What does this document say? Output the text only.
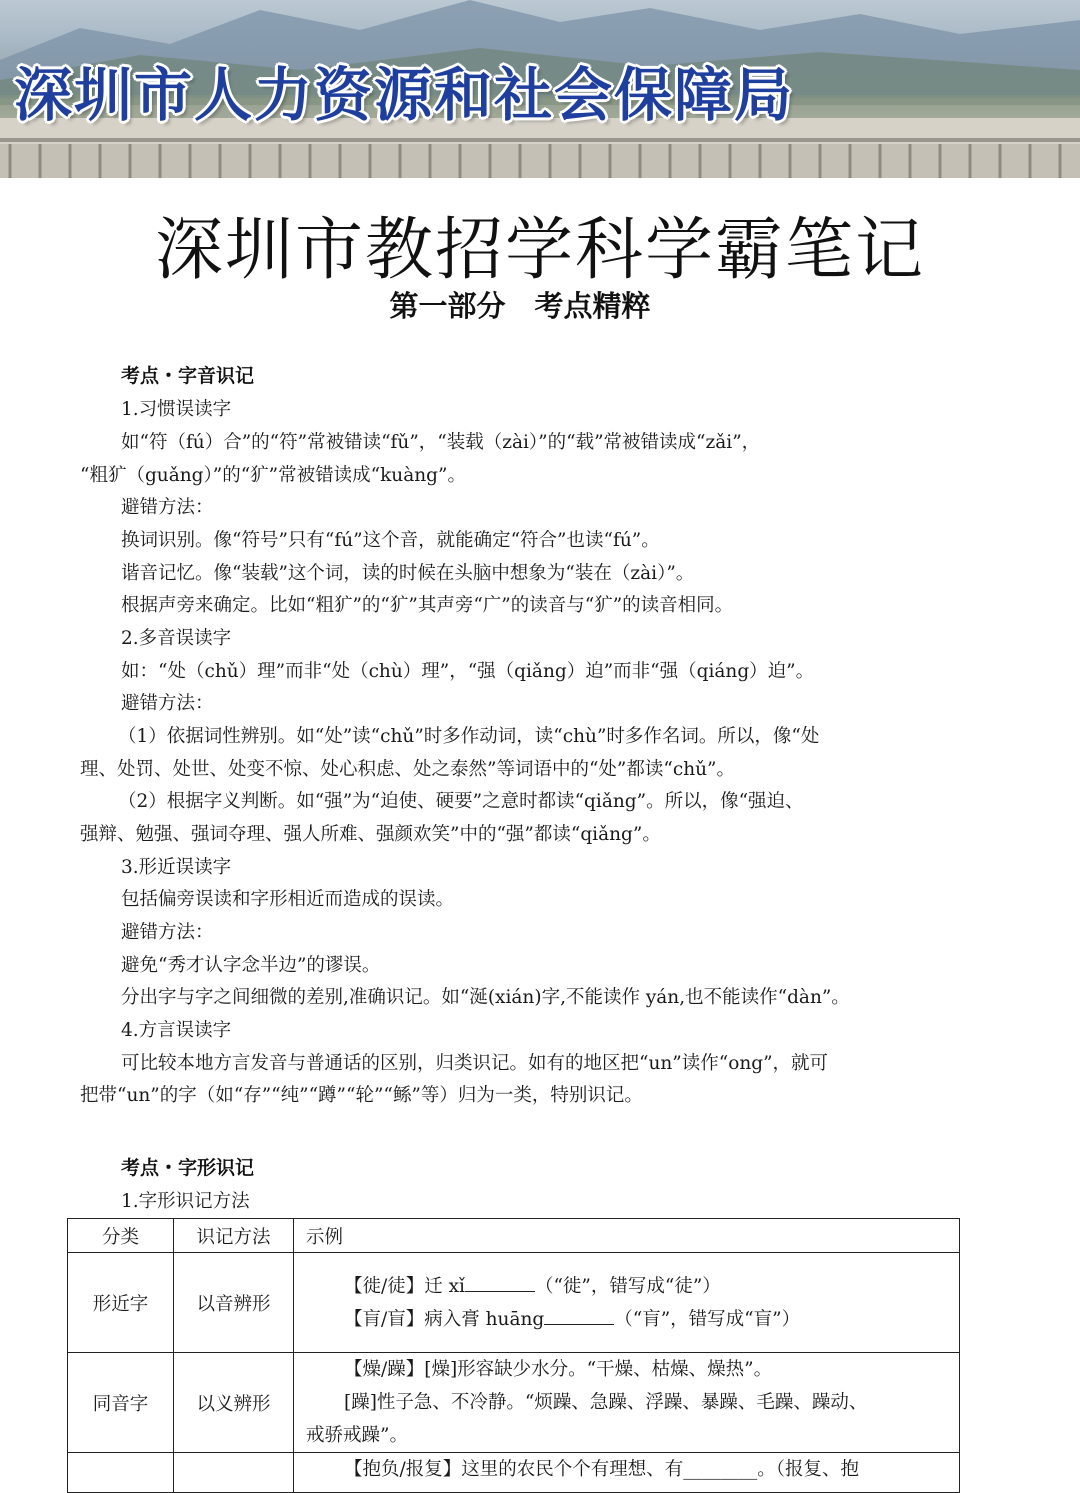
深圳市人力资源和社会保障局
深圳市教招学科学霸笔记
第一部分　考点精粹
考点・字音识记
1.习惯误读字
如“符（fú）合”的“符”常被错读“fǔ”，“装载（zài）”的“载”常被错读成“zǎi”，
“粗犷（guǎng）”的“犷”常被错读成“kuàng”。
避错方法：
换词识别。像“符号”只有“fú”这个音，就能确定“符合”也读“fú”。
谐音记忆。像“装载”这个词，读的时候在头脑中想象为“装在（zài）”。
根据声旁来确定。比如“粗犷”的“犷”其声旁“广”的读音与“犷”的读音相同。
2.多音误读字
如：“处（chǔ）理”而非“处（chù）理”，“强（qiǎng）迫”而非“强（qiáng）迫”。
避错方法：
（1）依据词性辨别。如“处”读“chǔ”时多作动词，读“chù”时多作名词。所以，像“处
理、处罚、处世、处变不惊、处心积虑、处之泰然”等词语中的“处”都读“chǔ”。
（2）根据字义判断。如“强”为“迫使、硬要”之意时都读“qiǎng”。所以，像“强迫、
强辩、勉强、强词夺理、强人所难、强颜欢笑”中的“强”都读“qiǎng”。
3.形近误读字
包括偏旁误读和字形相近而造成的误读。
避错方法：
避免“秀才认字念半边”的谬误。
分出字与字之间细微的差别,准确识记。如“涎(xián)字,不能读作 yán,也不能读作“dàn”。
4.方言误读字
可比较本地方言发音与普通话的区别，归类识记。如有的地区把“un”读作“ong”，就可
把带“un”的字（如“存”“纯”“蹲”“轮”“鲧”等）归为一类，特别识记。
考点・字形识记
1.字形识记方法
分类	识记方法	示例
形近字	以音辨形	【徙/徒】迁 xǐ （“徙”，错写成“徒”）
【肓/盲】病入膏 huāng （“肓”，错写成“盲”）

同音字	以义辨形	【燥/躁】[燥]形容缺少水分。“干燥、枯燥、燥热”。
[躁]性子急、不冷静。“烦躁、急躁、浮躁、暴躁、毛躁、躁动、
戒骄戒躁”。

		【抱负/报复】这里的农民个个有理想、有________。（报复、抱
